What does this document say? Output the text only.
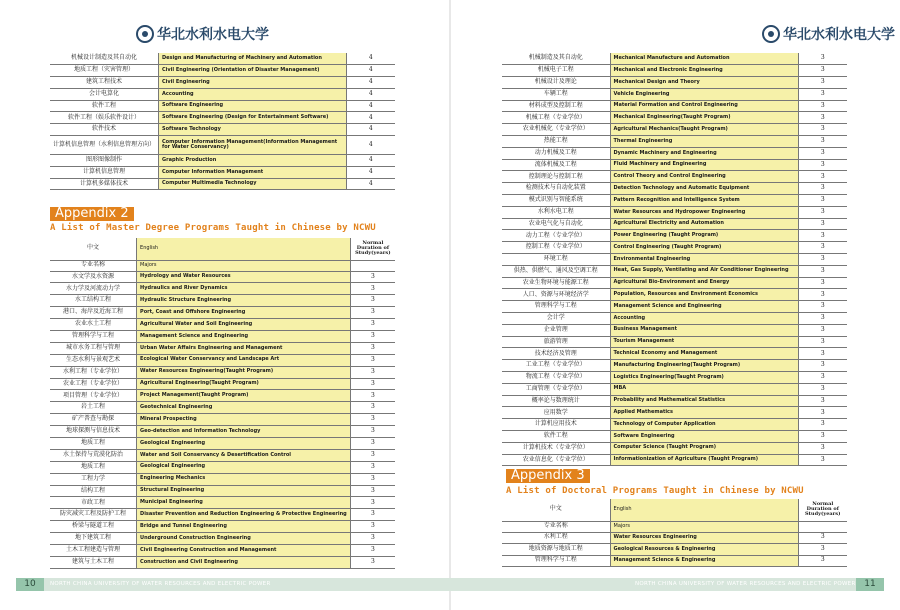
华北水利水电大学
机械设计制造及其自动化	Design and Manufacturing of Machinery and Automation	4
地质工程（灾害管理）	Civil Engineering (Orientation of Disaster Management)	4
建筑工程技术	Civil Engineering	4
会计电算化	Accounting	4
软件工程	Software Engineering	4
软件工程（娱乐软件设计）	Software Engineering (Design for Entertainment Software)	4
软件技术	Software Technology	4
计算机信息管理（水利信息管理方向）	Computer Information Management(Information Management for Water Conservancy)	4
图形图像制作	Graphic Production	4
计算机信息管理	Computer Information Management	4
计算机多媒体技术	Computer Multimedia Technology	4
Appendix 2
A List of Master Degree Programs Taught in Chinese by NCWU
中文	English	Normal Duration of Study(years)
专业名称	Majors	
水文学及水资源	Hydrology and Water Resources	3
水力学及河流动力学	Hydraulics and River Dynamics	3
水工结构工程	Hydraulic Structure Engineering	3
港口、海岸及近海工程	Port, Coast and Offshore Engineering	3
农业水土工程	Agricultural Water and Soil Engineering	3
管理科学与工程	Management Science and Engineering	3
城市水务工程与管理	Urban Water Affairs Engineering and Management	3
生态水利与景观艺术	Ecological Water Conservancy and Landscape Art	3
水利工程（专业学位）	Water Resources Engineering(Taught Program)	3
农业工程（专业学位）	Agricultural Engineering(Taught Program)	3
项目管理（专业学位）	Project Management(Taught Program)	3
岩土工程	Geotechnical Engineering	3
矿产普查与勘探	Mineral Prospecting	3
地球探测与信息技术	Geo-detection and Information Technology	3
地质工程	Geological Engineering	3
水土保持与荒漠化防治	Water and Soil Conservancy & Desertification Control	3
地质工程	Geological Engineering	3
工程力学	Engineering Mechanics	3
结构工程	Structural Engineering	3
市政工程	Municipal Engineering	3
防灾减灾工程及防护工程	Disaster Prevention and Reduction Engineering & Protective Engineering	3
桥梁与隧道工程	Bridge and Tunnel Engineering	3
地下建筑工程	Underground Construction Engineering	3
土木工程建造与管理	Civil Engineering Construction and Management	3
建筑与土木工程	Construction and Civil Engineering	3
10	NORTH CHINA UNIVERSITY OF WATER RESOURCES AND ELECTRIC POWER
华北水利水电大学
机械制造及其自动化	Mechanical Manufacture and Automation	3
机械电子工程	Mechanical and Electronic Engineering	3
机械设计及理论	Mechanical Design and Theory	3
车辆工程	Vehicle Engineering	3
材料成型及控制工程	Material Formation and Control Engineering	3
机械工程（专业学位）	Mechanical Engineering(Taught Program)	3
农业机械化（专业学位）	Agricultural Mechanics(Taught Program)	3
热能工程	Thermal Engineering	3
动力机械及工程	Dynamic Machinery and Engineering	3
流体机械及工程	Fluid Machinery and Engineering	3
控制理论与控制工程	Control Theory and Control Engineering	3
检测技术与自动化装置	Detection Technology and Automatic Equipment	3
模式识别与智能系统	Pattern Recognition and Intelligence System	3
水利水电工程	Water Resources and Hydropower Engineering	3
农业电气化与自动化	Agricultural Electricity and Automation	3
动力工程（专业学位）	Power Engineering (Taught Program)	3
控制工程（专业学位）	Control Engineering (Taught Program)	3
环境工程	Environmental Engineering	3
供热、供燃气、通风及空调工程	Heat, Gas Supply, Ventilating and Air Conditioner Engineering	3
农业生物环境与能源工程	Agricultural Bio-Environment and Energy	3
人口、资源与环境经济学	Population, Resources and Environment Economics	3
管理科学与工程	Management Science and Engineering	3
会计学	Accounting	3
企业管理	Business Management	3
旅游管理	Tourism Management	3
技术经济及管理	Technical Economy and Management	3
工业工程（专业学位）	Manufacturing Engineering(Taught Program)	3
物流工程（专业学位）	Logistics Engineering(Taught Program)	3
工商管理（专业学位）	MBA	3
概率论与数理统计	Probability and Mathematical Statistics	3
应用数学	Applied Mathematics	3
计算机应用技术	Technology of Computer Application	3
软件工程	Software Engineering	3
计算机技术（专业学位）	Computer Science (Taught Program)	3
农业信息化（专业学位）	Informationization of Agriculture (Taught Program)	3
Appendix 3
A List of Doctoral Programs Taught in Chinese by NCWU
中文	English	Normal Duration of Study(years)
专业名称	Majors	
水利工程	Water Resources Engineering	3
地质资源与地质工程	Geological Resources & Engineering	3
管理科学与工程	Management Science & Engineering	3
NORTH CHINA UNIVERSITY OF WATER RESOURCES AND ELECTRIC POWER 11
